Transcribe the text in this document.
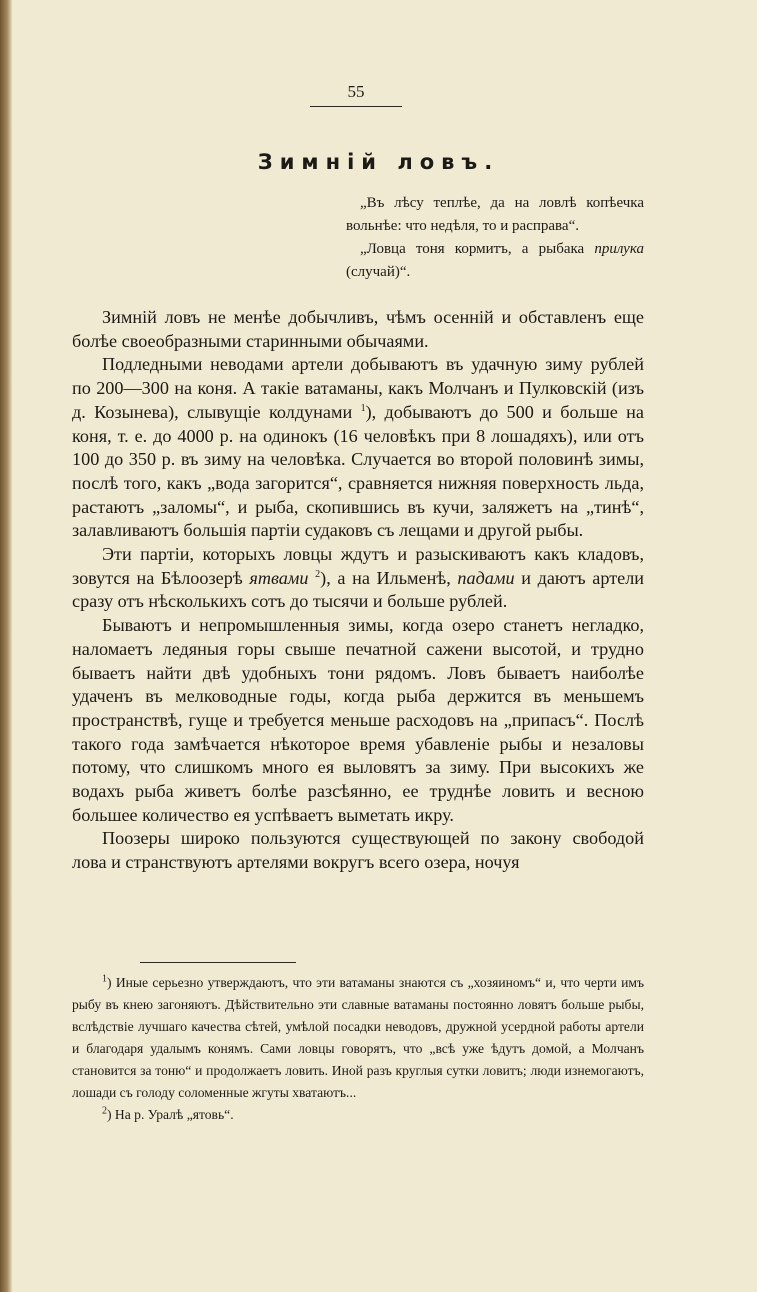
55
Зимній ловъ.

„Въ лѣсу теплѣе, да на ловлѣ копѣечка вольнѣе: что недѣля, то и расправа“.

„Ловца тоня кормитъ, а рыбака прилука (случай)“.

Зимній ловъ не менѣе добычливъ, чѣмъ осенній и обставленъ еще болѣе своеобразными старинными обычаями.

Подледными неводами артели добываютъ въ удачную зиму рублей по 200—300 на коня. А такіе ватаманы, какъ Молчанъ и Пулковскій (изъ д. Козынева), слывущіе колдунами $^1$), добываютъ до 500 и больше на коня, т. е. до 4000 р. на одинокъ (16 человѣкъ при 8 лошадяхъ), или отъ 100 до 350 р. въ зиму на человѣка. Случается во второй половинѣ зимы, послѣ того, какъ „вода загорится“, сравняется нижняя поверхность льда, растаютъ „заломы“, и рыба, скопившись въ кучи, заляжетъ на „тинѣ“, залавливаютъ большія партіи судаковъ съ лещами и другой рыбы.

Эти партіи, которыхъ ловцы ждутъ и разыскиваютъ какъ кладовъ, зовутся на Бѣлоозерѣ ятвами $^2$), а на Ильменѣ, падами и даютъ артели сразу отъ нѣсколькихъ сотъ до тысячи и больше рублей.

Бываютъ и непромышленныя зимы, когда озеро станетъ негладко, наломаетъ ледяныя горы свыше печатной сажени высотой, и трудно бываетъ найти двѣ удобныхъ тони рядомъ. Ловъ бываетъ наиболѣе удаченъ въ мелководные годы, когда рыба держится въ меньшемъ пространствѣ, гуще и требуется меньше расходовъ на „припасъ“. Послѣ такого года замѣчается нѣкоторое время убавленіе рыбы и незаловы потому, что слишкомъ много ея выловятъ за зиму. При высокихъ же водахъ рыба живетъ болѣе разсѣянно, ее труднѣе ловить и весною большее количество ея успѣваетъ выметать икру.

Поозеры широко пользуются существующей по закону свободой лова и странствуютъ артелями вокругъ всего озера, ночуя

$^1$) Иные серьезно утверждаютъ, что эти ватаманы знаются съ „хозяиномъ“ и, что черти имъ рыбу въ кнею загоняютъ. Дѣйствительно эти славные ватаманы постоянно ловятъ больше рыбы, вслѣдствіе лучшаго качества сѣтей, умѣлой посадки неводовъ, дружной усердной работы артели и благодаря удалымъ конямъ. Сами ловцы говорятъ, что „всѣ уже ѣдутъ домой, а Молчанъ становится за тоню“ и продолжаетъ ловить. Иной разъ круглыя сутки ловитъ; люди изнемогаютъ, лошади съ голоду соломенные жгуты хватаютъ...

$^2$) На р. Уралѣ „ятовь“.
